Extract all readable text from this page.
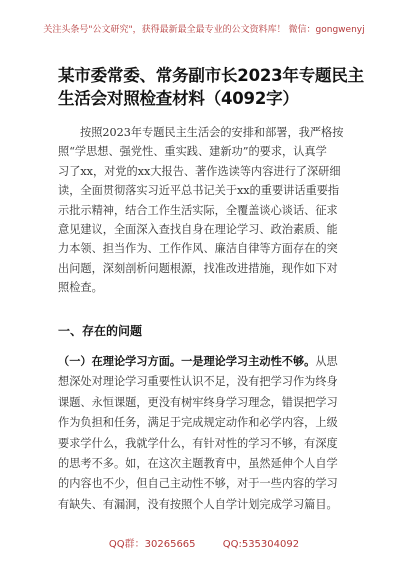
关注头条号"公文研究"，获得最新最全最专业的公文资料库！ 微信：gongwenyj
某市委常委、常务副市长2023年专题民主
生活会对照检查材料（4092字）
按照2023年专题民主生活会的安排和部署，我严格按
照“学思想、强党性、重实践、建新功”的要求，认真学
习了xx，对党的xx大报告、著作选读等内容进行了深研细
读，全面贯彻落实习近平总书记关于xx的重要讲话重要指
示批示精神，结合工作生活实际，全覆盖谈心谈话、征求
意见建议，全面深入查找自身在理论学习、政治素质、能
力本领、担当作为、工作作风、廉洁自律等方面存在的突
出问题，深刻剖析问题根源，找准改进措施，现作如下对
照检查。
一、存在的问题
（一）在理论学习方面。一是理论学习主动性不够。从思
想深处对理论学习重要性认识不足，没有把学习作为终身
课题、永恒课题，更没有树牢终身学习理念，错误把学习
作为负担和任务，满足于完成规定动作和必学内容，上级
要求学什么，我就学什么，有针对性的学习不够，有深度
的思考不多。如，在这次主题教育中，虽然延伸个人自学
的内容也不少，但自己主动性不够，对于一些内容的学习
有缺失、有漏洞，没有按照个人自学计划完成学习篇目。
QQ群：30265665	QQ:535304092
